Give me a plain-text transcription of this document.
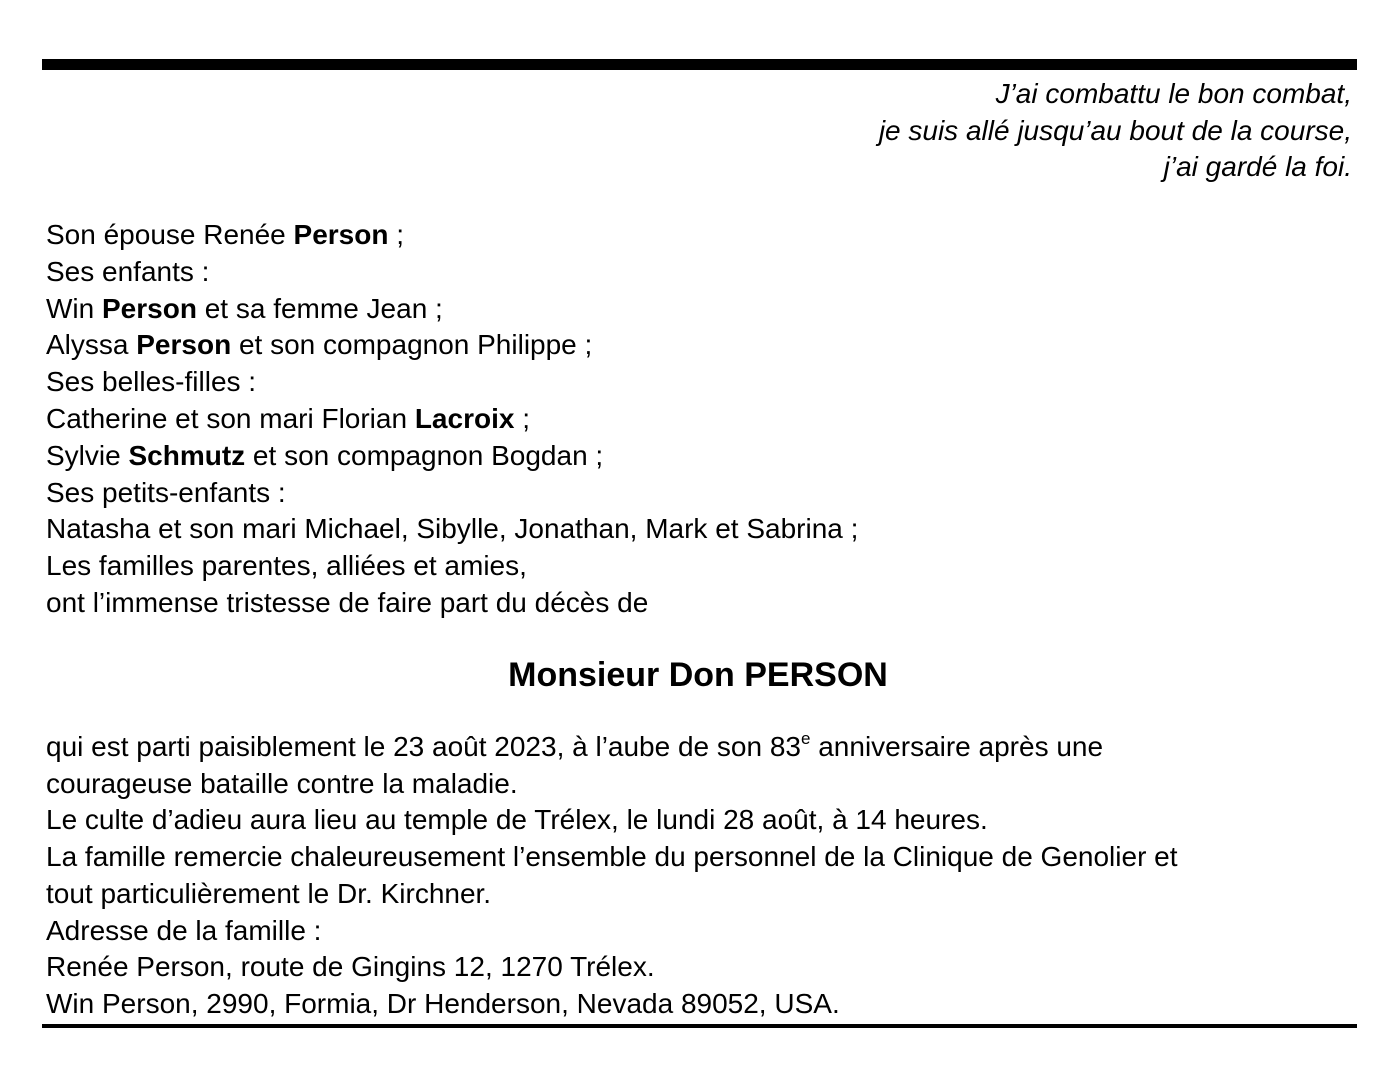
J’ai combattu le bon combat,
je suis allé jusqu’au bout de la course,
j’ai gardé la foi.
Son épouse Renée Person ;
Ses enfants :
Win Person et sa femme Jean ;
Alyssa Person et son compagnon Philippe ;
Ses belles-filles :
Catherine et son mari Florian Lacroix ;
Sylvie Schmutz et son compagnon Bogdan ;
Ses petits-enfants :
Natasha et son mari Michael, Sibylle, Jonathan, Mark et Sabrina ;
Les familles parentes, alliées et amies,
ont l’immense tristesse de faire part du décès de
Monsieur Don PERSON
qui est parti paisiblement le 23 août 2023, à l’aube de son 83e anniversaire après une
courageuse bataille contre la maladie.
Le culte d’adieu aura lieu au temple de Trélex, le lundi 28 août, à 14 heures.
La famille remercie chaleureusement l’ensemble du personnel de la Clinique de Genolier et
tout particulièrement le Dr. Kirchner.
Adresse de la famille :
Renée Person, route de Gingins 12, 1270 Trélex.
Win Person, 2990, Formia, Dr Henderson, Nevada 89052, USA.
